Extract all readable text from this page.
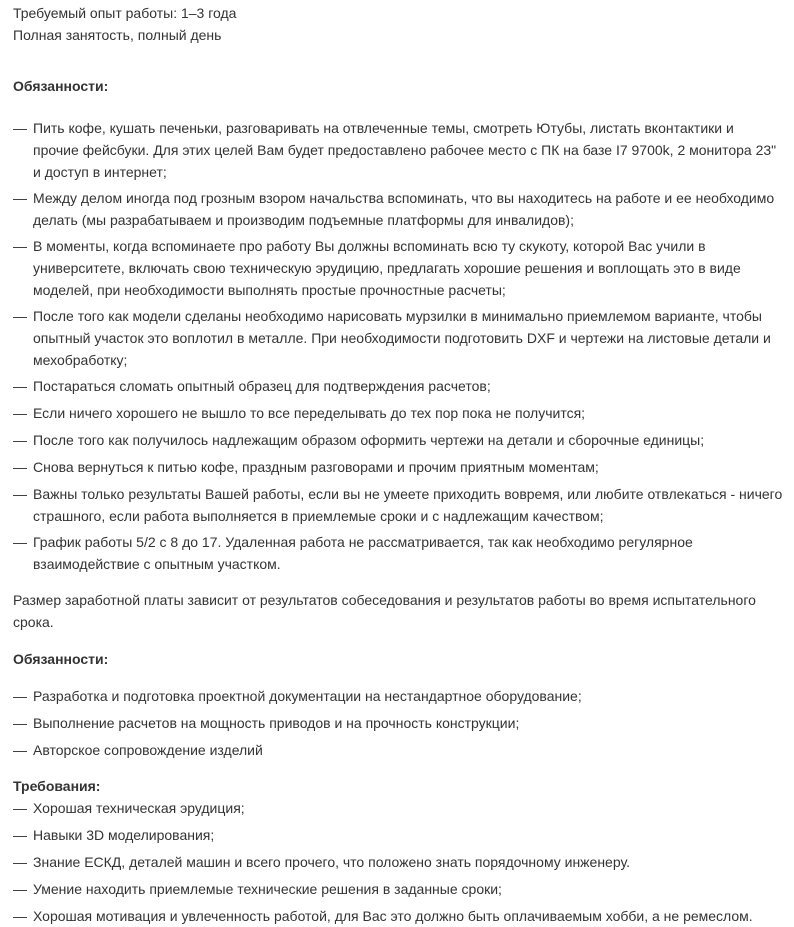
Требуемый опыт работы: 1–3 года

Полная занятость, полный день

Обязанности:

— Пить кофе, кушать печеньки, разговаривать на отвлеченные темы, смотреть Ютубы, листать вконтактики и прочие фейсбуки. Для этих целей Вам будет предоставлено рабочее место с ПК на базе I7 9700k, 2 монитора 23" и доступ в интернет;
— Между делом иногда под грозным взором начальства вспоминать, что вы находитесь на работе и ее необходимо делать (мы разрабатываем и производим подъемные платформы для инвалидов);
— В моменты, когда вспоминаете про работу Вы должны вспоминать всю ту скукоту, которой Вас учили в университете, включать свою техническую эрудицию, предлагать хорошие решения и воплощать это в виде моделей, при необходимости выполнять простые прочностные расчеты;
— После того как модели сделаны необходимо нарисовать мурзилки в минимально приемлемом варианте, чтобы опытный участок это воплотил в металле. При необходимости подготовить DXF и чертежи на листовые детали и мехобработку;
— Постараться сломать опытный образец для подтверждения расчетов;
— Если ничего хорошего не вышло то все переделывать до тех пор пока не получится;
— После того как получилось надлежащим образом оформить чертежи на детали и сборочные единицы;
— Снова вернуться к питью кофе, праздным разговорами и прочим приятным моментам;
— Важны только результаты Вашей работы, если вы не умеете приходить вовремя, или любите отвлекаться - ничего страшного, если работа выполняется в приемлемые сроки и с надлежащим качеством;
— График работы 5/2 с 8 до 17. Удаленная работа не рассматривается, так как необходимо регулярное взаимодействие с опытным участком.

Размер заработной платы зависит от результатов собеседования и результатов работы во время испытательного срока.

Обязанности:

— Разработка и подготовка проектной документации на нестандартное оборудование;
— Выполнение расчетов на мощность приводов и на прочность конструкции;
— Авторское сопровождение изделий

Требования:

— Хорошая техническая эрудиция;
— Навыки 3D моделирования;
— Знание ЕСКД, деталей машин и всего прочего, что положено знать порядочному инженеру.
— Умение находить приемлемые технические решения в заданные сроки;
— Хорошая мотивация и увлеченность работой, для Вас это должно быть оплачиваемым хобби, а не ремеслом.
